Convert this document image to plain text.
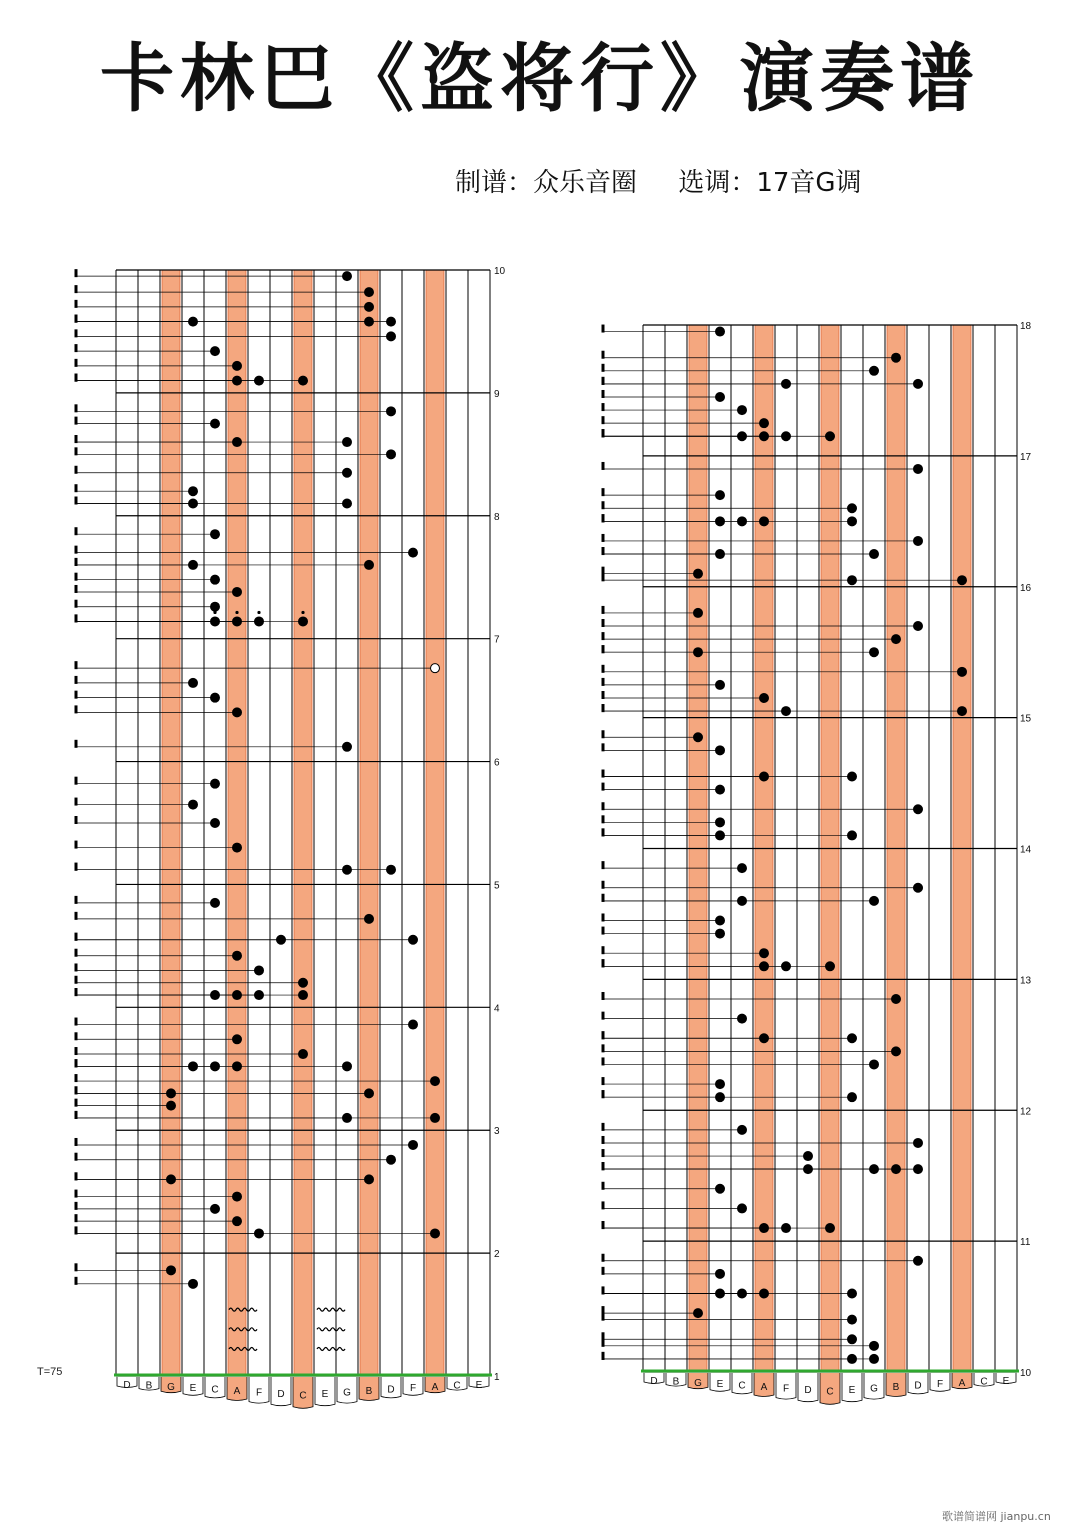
卡林巴《盗将行》演奏谱
制谱：众乐音圈     选调：17音G调
T=75
歌谱简谱网 jianpu.cn
1
2
3
4
5
6
7
8
9
10
D B G E C A F D C E G B D F A C E
10
11
12
13
14
15
16
17
18
D B G E C A F D C E G B D F A C E
